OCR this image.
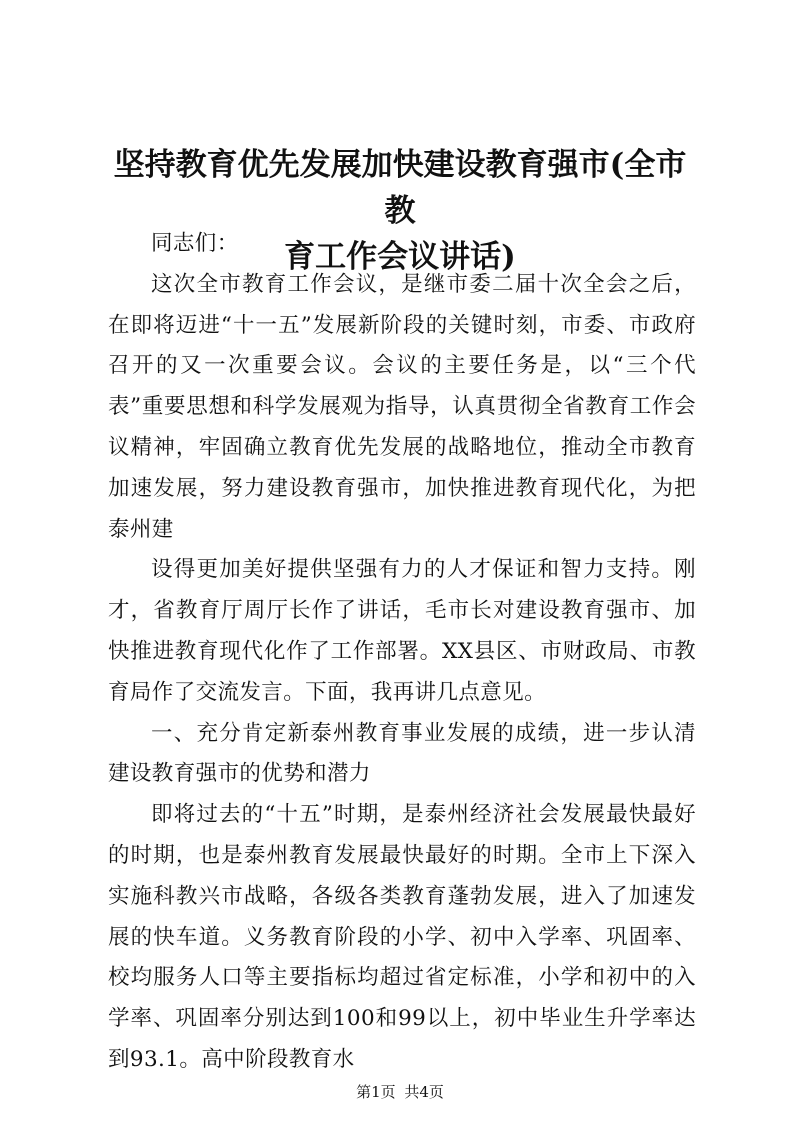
坚持教育优先发展加快建设教育强市(全市教
育工作会议讲话)

同志们：

这次全市教育工作会议，是继市委二届十次全会之后，在即将迈进“十一五”发展新阶段的关键时刻，市委、市政府召开的又一次重要会议。会议的主要任务是，以“三个代表”重要思想和科学发展观为指导，认真贯彻全省教育工作会议精神，牢固确立教育优先发展的战略地位，推动全市教育加速发展，努力建设教育强市，加快推进教育现代化，为把泰州建

设得更加美好提供坚强有力的人才保证和智力支持。刚才，省教育厅周厅长作了讲话，毛市长对建设教育强市、加快推进教育现代化作了工作部署。XX县区、市财政局、市教育局作了交流发言。下面，我再讲几点意见。

一、充分肯定新泰州教育事业发展的成绩，进一步认清建设教育强市的优势和潜力

即将过去的“十五”时期，是泰州经济社会发展最快最好的时期，也是泰州教育发展最快最好的时期。全市上下深入实施科教兴市战略，各级各类教育蓬勃发展，进入了加速发展的快车道。义务教育阶段的小学、初中入学率、巩固率、校均服务人口等主要指标均超过省定标准，小学和初中的入学率、巩固率分别达到100和99以上，初中毕业生升学率达到93.1。高中阶段教育水

第1页 共4页
